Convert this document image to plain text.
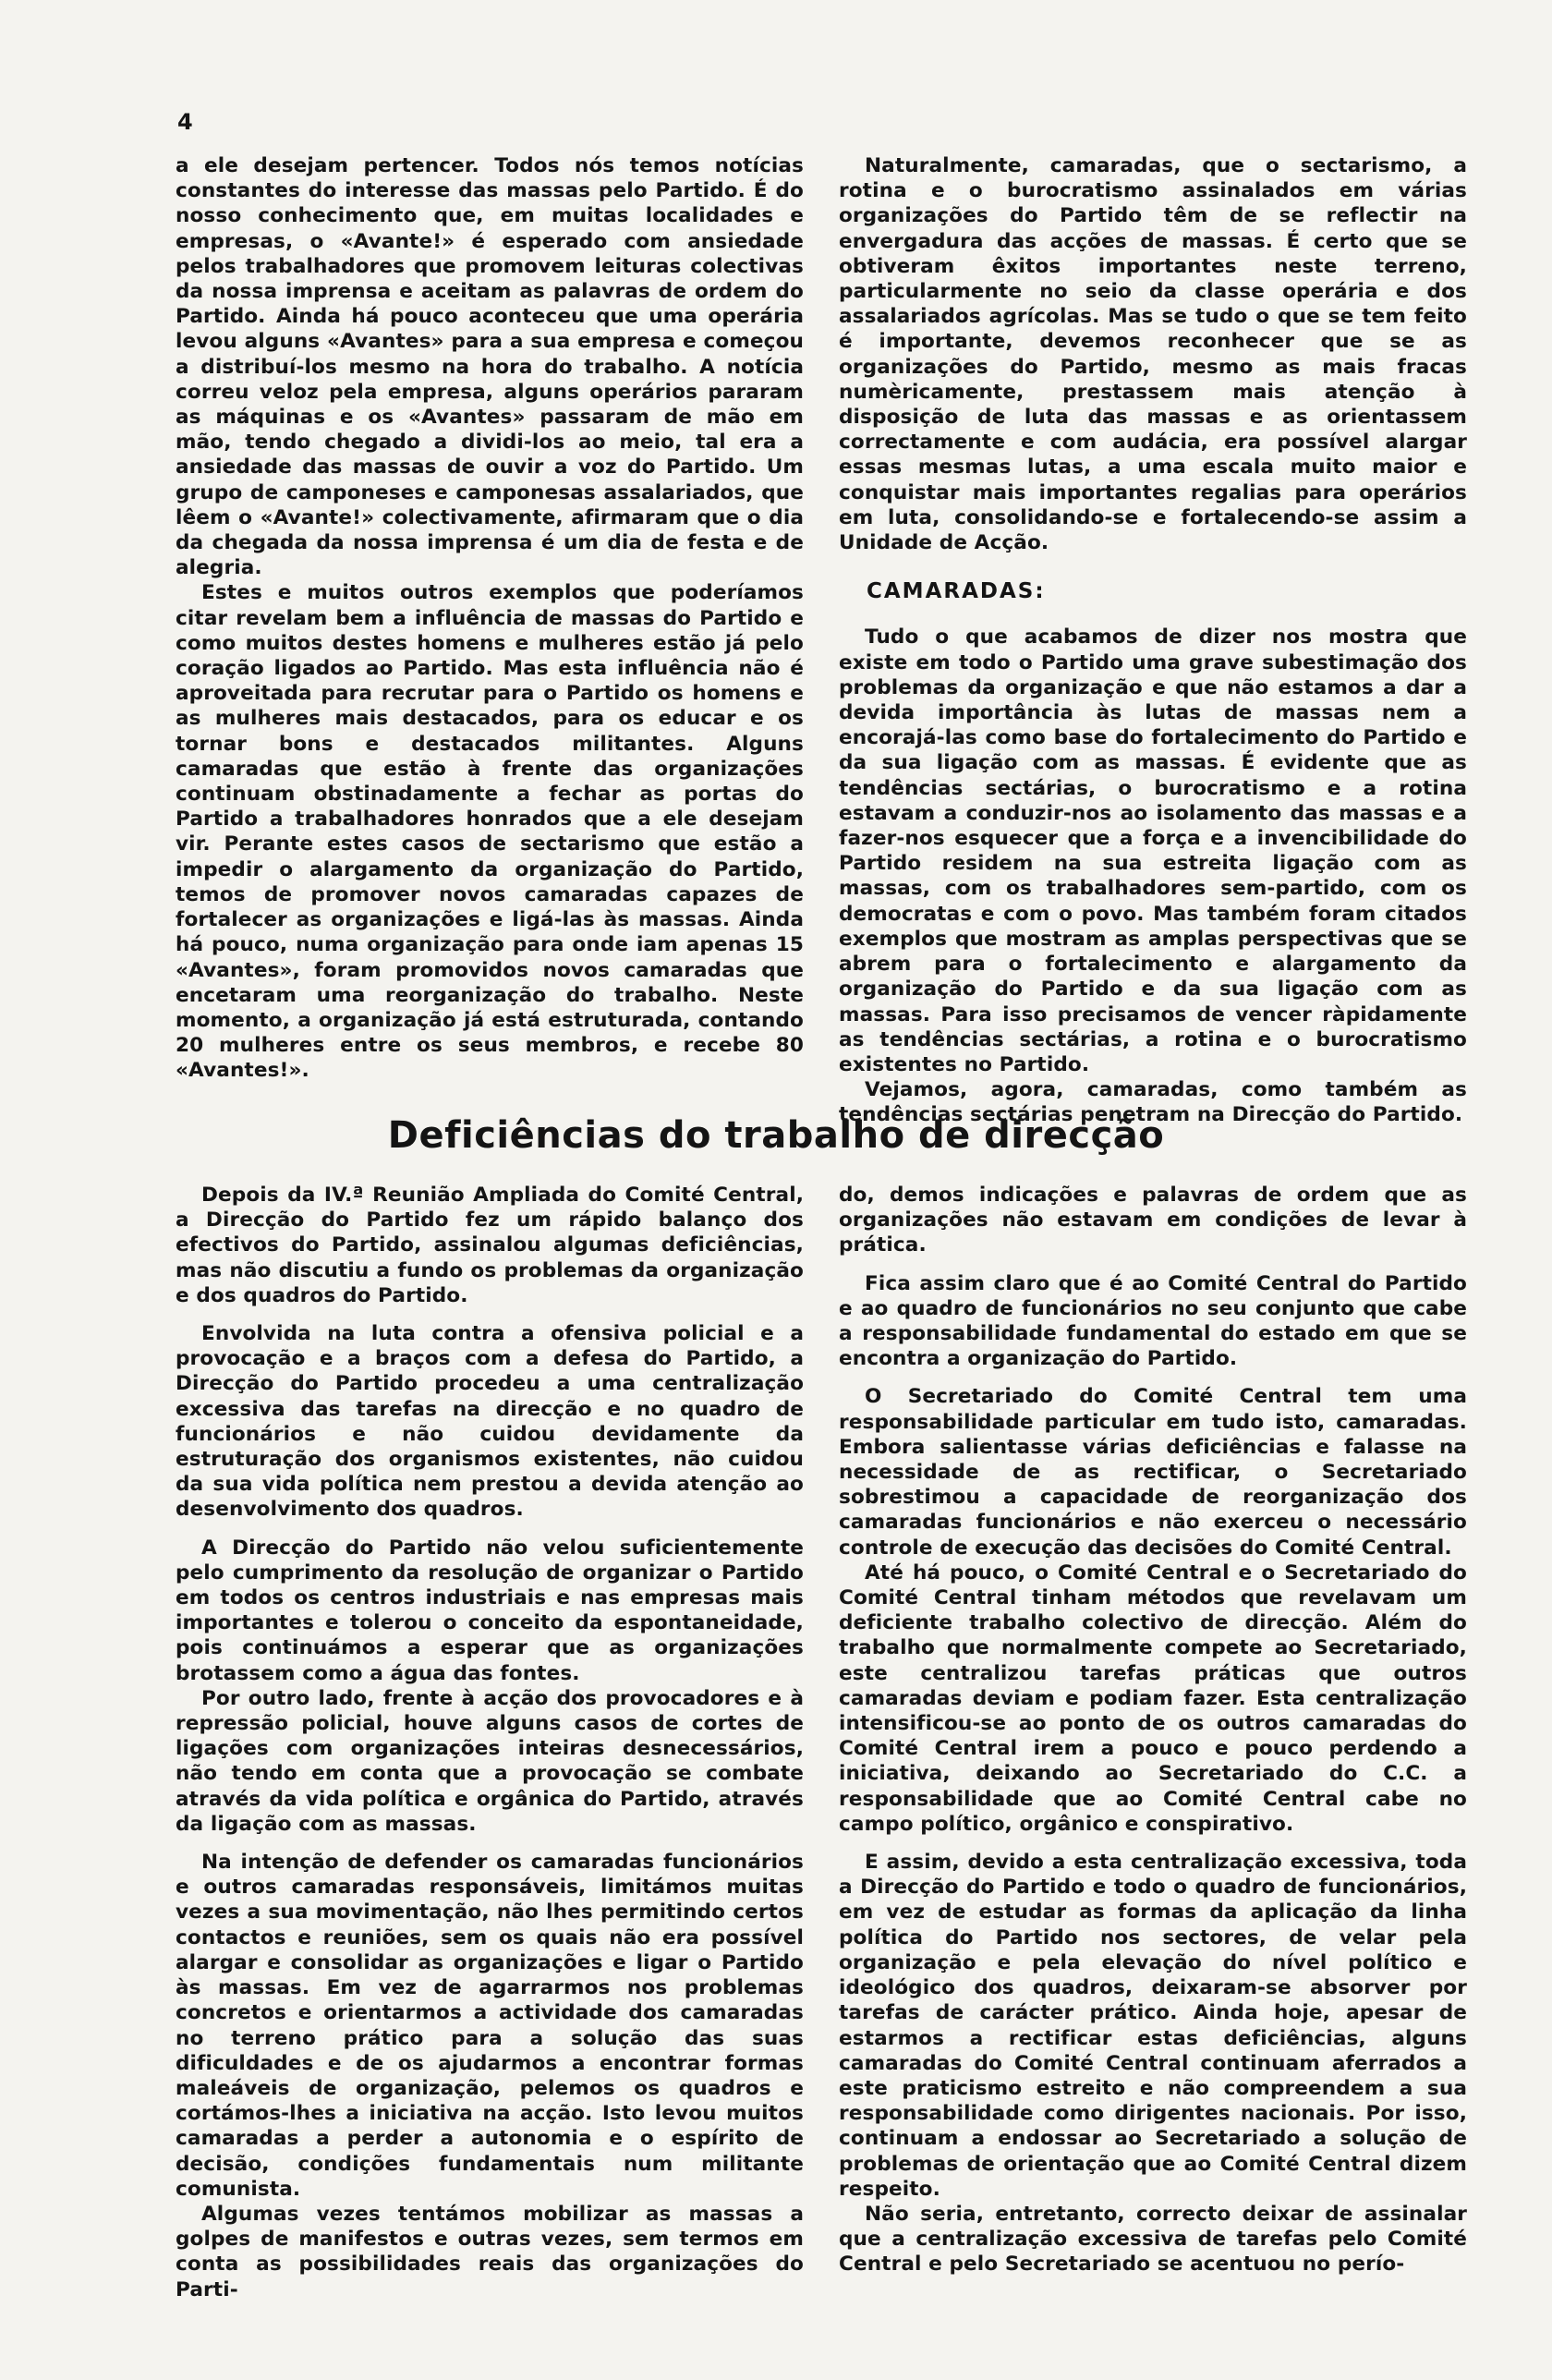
4

a ele desejam pertencer. Todos nós temos notícias constantes do interesse das massas pelo Partido. É do nosso conhecimento que, em muitas localidades e empresas, o «Avante!» é esperado com ansiedade pelos trabalhadores que promovem leituras colectivas da nossa imprensa e aceitam as palavras de ordem do Partido. Ainda há pouco aconteceu que uma operária levou alguns «Avantes» para a sua empresa e começou a distribuí-los mesmo na hora do trabalho. A notícia correu veloz pela empresa, alguns operários pararam as máquinas e os «Avantes» passaram de mão em mão, tendo chegado a dividi-los ao meio, tal era a ansiedade das massas de ouvir a voz do Partido. Um grupo de camponeses e camponesas assalariados, que lêem o «Avante!» colectivamente, afirmaram que o dia da chegada da nossa imprensa é um dia de festa e de alegria.

Estes e muitos outros exemplos que poderíamos citar revelam bem a influência de massas do Partido e como muitos destes homens e mulheres estão já pelo coração ligados ao Partido. Mas esta influência não é aproveitada para recrutar para o Partido os homens e as mulheres mais destacados, para os educar e os tornar bons e destacados militantes. Alguns camaradas que estão à frente das organizações continuam obstinadamente a fechar as portas do Partido a trabalhadores honrados que a ele desejam vir. Perante estes casos de sectarismo que estão a impedir o alargamento da organização do Partido, temos de promover novos camaradas capazes de fortalecer as organizações e ligá-las às massas. Ainda há pouco, numa organização para onde iam apenas 15 «Avantes», foram promovidos novos camaradas que encetaram uma reorganização do trabalho. Neste momento, a organização já está estruturada, contando 20 mulheres entre os seus membros, e recebe 80 «Avantes!».

Naturalmente, camaradas, que o sectarismo, a rotina e o burocratismo assinalados em várias organizações do Partido têm de se reflectir na envergadura das acções de massas. É certo que se obtiveram êxitos importantes neste terreno, particularmente no seio da classe operária e dos assalariados agrícolas. Mas se tudo o que se tem feito é importante, devemos reconhecer que se as organizações do Partido, mesmo as mais fracas numèricamente, prestassem mais atenção à disposição de luta das massas e as orientassem correctamente e com audácia, era possível alargar essas mesmas lutas, a uma escala muito maior e conquistar mais importantes regalias para operários em luta, consolidando-se e fortalecendo-se assim a Unidade de Acção.

CAMARADAS:

Tudo o que acabamos de dizer nos mostra que existe em todo o Partido uma grave subestimação dos problemas da organização e que não estamos a dar a devida importância às lutas de massas nem a encorajá-las como base do fortalecimento do Partido e da sua ligação com as massas. É evidente que as tendências sectárias, o burocratismo e a rotina estavam a conduzir-nos ao isolamento das massas e a fazer-nos esquecer que a força e a invencibilidade do Partido residem na sua estreita ligação com as massas, com os trabalhadores sem-partido, com os democratas e com o povo. Mas também foram citados exemplos que mostram as amplas perspectivas que se abrem para o fortalecimento e alargamento da organização do Partido e da sua ligação com as massas. Para isso precisamos de vencer ràpidamente as tendências sectárias, a rotina e o burocratismo existentes no Partido.

Vejamos, agora, camaradas, como também as tendências sectárias penetram na Direcção do Partido.

Deficiências do trabalho de direcção

Depois da IV.ª Reunião Ampliada do Comité Central, a Direcção do Partido fez um rápido balanço dos efectivos do Partido, assinalou algumas deficiências, mas não discutiu a fundo os problemas da organização e dos quadros do Partido.

Envolvida na luta contra a ofensiva policial e a provocação e a braços com a defesa do Partido, a Direcção do Partido procedeu a uma centralização excessiva das tarefas na direcção e no quadro de funcionários e não cuidou devidamente da estruturação dos organismos existentes, não cuidou da sua vida política nem prestou a devida atenção ao desenvolvimento dos quadros.

A Direcção do Partido não velou suficientemente pelo cumprimento da resolução de organizar o Partido em todos os centros industriais e nas empresas mais importantes e tolerou o conceito da espontaneidade, pois continuámos a esperar que as organizações brotassem como a água das fontes.

Por outro lado, frente à acção dos provocadores e à repressão policial, houve alguns casos de cortes de ligações com organizações inteiras desnecessários, não tendo em conta que a provocação se combate através da vida política e orgânica do Partido, através da ligação com as massas.

Na intenção de defender os camaradas funcionários e outros camaradas responsáveis, limitámos muitas vezes a sua movimentação, não lhes permitindo certos contactos e reuniões, sem os quais não era possível alargar e consolidar as organizações e ligar o Partido às massas. Em vez de agarrarmos nos problemas concretos e orientarmos a actividade dos camaradas no terreno prático para a solução das suas dificuldades e de os ajudarmos a encontrar formas maleáveis de organização, pelemos os quadros e cortámos-lhes a iniciativa na acção. Isto levou muitos camaradas a perder a autonomia e o espírito de decisão, condições fundamentais num militante comunista.

Algumas vezes tentámos mobilizar as massas a golpes de manifestos e outras vezes, sem termos em conta as possibilidades reais das organizações do Parti-

do, demos indicações e palavras de ordem que as organizações não estavam em condições de levar à prática.

Fica assim claro que é ao Comité Central do Partido e ao quadro de funcionários no seu conjunto que cabe a responsabilidade fundamental do estado em que se encontra a organização do Partido.

O Secretariado do Comité Central tem uma responsabilidade particular em tudo isto, camaradas. Embora salientasse várias deficiências e falasse na necessidade de as rectificar, o Secretariado sobrestimou a capacidade de reorganização dos camaradas funcionários e não exerceu o necessário controle de execução das decisões do Comité Central.

Até há pouco, o Comité Central e o Secretariado do Comité Central tinham métodos que revelavam um deficiente trabalho colectivo de direcção. Além do trabalho que normalmente compete ao Secretariado, este centralizou tarefas práticas que outros camaradas deviam e podiam fazer. Esta centralização intensificou-se ao ponto de os outros camaradas do Comité Central irem a pouco e pouco perdendo a iniciativa, deixando ao Secretariado do C.C. a responsabilidade que ao Comité Central cabe no campo político, orgânico e conspirativo.

E assim, devido a esta centralização excessiva, toda a Direcção do Partido e todo o quadro de funcionários, em vez de estudar as formas da aplicação da linha política do Partido nos sectores, de velar pela organização e pela elevação do nível político e ideológico dos quadros, deixaram-se absorver por tarefas de carácter prático. Ainda hoje, apesar de estarmos a rectificar estas deficiências, alguns camaradas do Comité Central continuam aferrados a este praticismo estreito e não compreendem a sua responsabilidade como dirigentes nacionais. Por isso, continuam a endossar ao Secretariado a solução de problemas de orientação que ao Comité Central dizem respeito.

Não seria, entretanto, correcto deixar de assinalar que a centralização excessiva de tarefas pelo Comité Central e pelo Secretariado se acentuou no perío-
